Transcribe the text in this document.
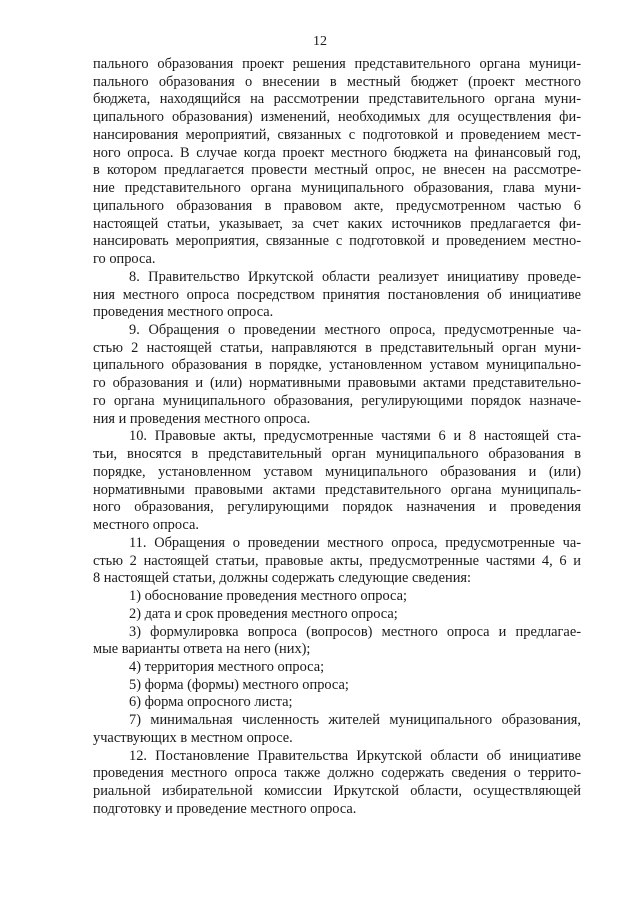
12
пального образования проект решения представительного органа муници-
пального образования о внесении в местный бюджет (проект местного
бюджета, находящийся на рассмотрении представительного органа муни-
ципального образования) изменений, необходимых для осуществления фи-
нансирования мероприятий, связанных с подготовкой и проведением мест-
ного опроса. В случае когда проект местного бюджета на финансовый год,
в котором предлагается провести местный опрос, не внесен на рассмотре-
ние представительного органа муниципального образования, глава муни-
ципального образования в правовом акте, предусмотренном частью 6
настоящей статьи, указывает, за счет каких источников предлагается фи-
нансировать мероприятия, связанные с подготовкой и проведением местно-
го опроса.
8. Правительство Иркутской области реализует инициативу проведе-
ния местного опроса посредством принятия постановления об инициативе
проведения местного опроса.
9. Обращения о проведении местного опроса, предусмотренные ча-
стью 2 настоящей статьи, направляются в представительный орган муни-
ципального образования в порядке, установленном уставом муниципально-
го образования и (или) нормативными правовыми актами представительно-
го органа муниципального образования, регулирующими порядок назначе-
ния и проведения местного опроса.
10. Правовые акты, предусмотренные частями 6 и 8 настоящей ста-
тьи, вносятся в представительный орган муниципального образования в
порядке, установленном уставом муниципального образования и (или)
нормативными правовыми актами представительного органа муниципаль-
ного образования, регулирующими порядок назначения и проведения
местного опроса.
11. Обращения о проведении местного опроса, предусмотренные ча-
стью 2 настоящей статьи, правовые акты, предусмотренные частями 4, 6 и
8 настоящей статьи, должны содержать следующие сведения:
1) обоснование проведения местного опроса;
2) дата и срок проведения местного опроса;
3) формулировка вопроса (вопросов) местного опроса и предлагае-
мые варианты ответа на него (них);
4) территория местного опроса;
5) форма (формы) местного опроса;
6) форма опросного листа;
7) минимальная численность жителей муниципального образования,
участвующих в местном опросе.
12. Постановление Правительства Иркутской области об инициативе
проведения местного опроса также должно содержать сведения о террито-
риальной избирательной комиссии Иркутской области, осуществляющей
подготовку и проведение местного опроса.
